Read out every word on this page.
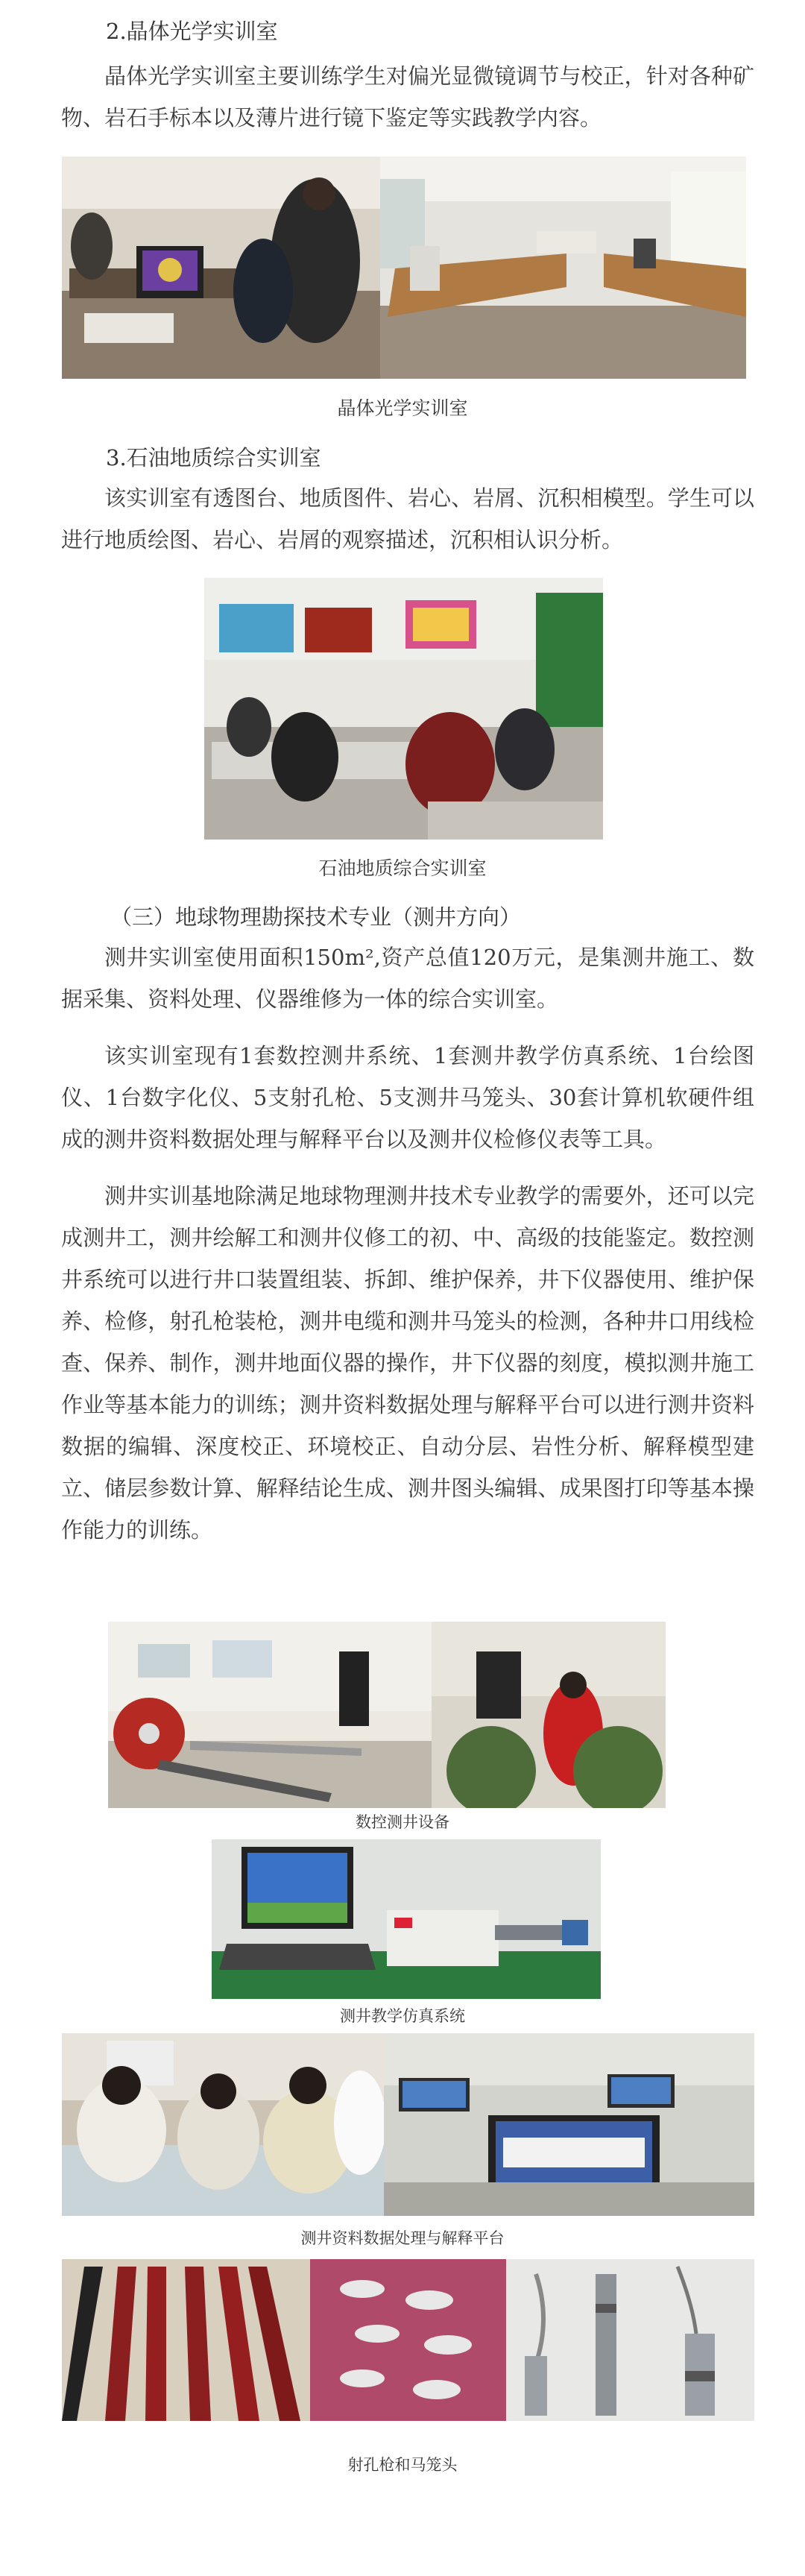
2.晶体光学实训室

晶体光学实训室主要训练学生对偏光显微镜调节与校正，针对各种矿物、岩石手标本以及薄片进行镜下鉴定等实践教学内容。

晶体光学实训室

3.石油地质综合实训室

该实训室有透图台、地质图件、岩心、岩屑、沉积相模型。学生可以进行地质绘图、岩心、岩屑的观察描述，沉积相认识分析。

石油地质综合实训室

（三）地球物理勘探技术专业（测井方向）

测井实训室使用面积150m²,资产总值120万元，是集测井施工、数据采集、资料处理、仪器维修为一体的综合实训室。

该实训室现有1套数控测井系统、1套测井教学仿真系统、1台绘图仪、1台数字化仪、5支射孔枪、5支测井马笼头、30套计算机软硬件组成的测井资料数据处理与解释平台以及测井仪检修仪表等工具。

测井实训基地除满足地球物理测井技术专业教学的需要外，还可以完成测井工，测井绘解工和测井仪修工的初、中、高级的技能鉴定。数控测井系统可以进行井口装置组装、拆卸、维护保养，井下仪器使用、维护保养、检修，射孔枪装枪，测井电缆和测井马笼头的检测，各种井口用线检查、保养、制作，测井地面仪器的操作，井下仪器的刻度，模拟测井施工作业等基本能力的训练；测井资料数据处理与解释平台可以进行测井资料数据的编辑、深度校正、环境校正、自动分层、岩性分析、解释模型建立、储层参数计算、解释结论生成、测井图头编辑、成果图打印等基本操作能力的训练。

数控测井设备

测井教学仿真系统

测井资料数据处理与解释平台

射孔枪和马笼头
